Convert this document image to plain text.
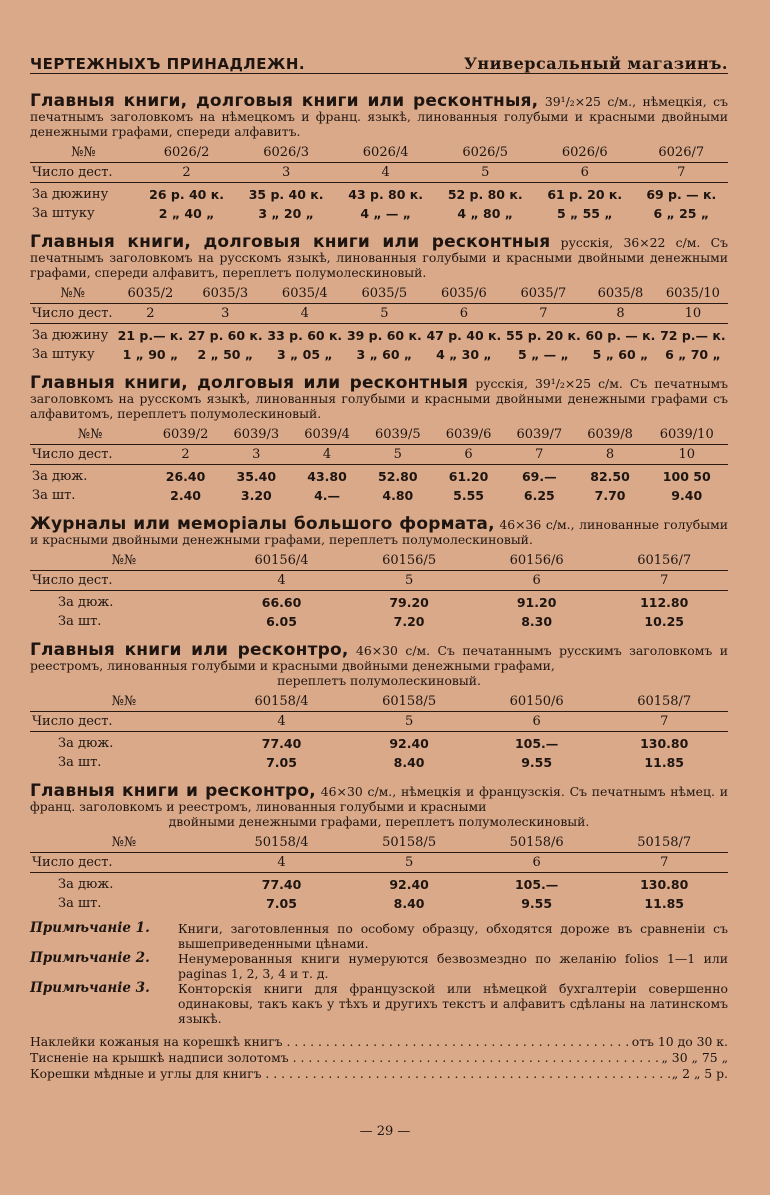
ЧЕРТЕЖНЫХЪ ПРИНАДЛЕЖН.	Универсальный магазинъ.
Главныя книги, долговыя книги или реcконтныя, 39¹/₂×25 с/м., нѣмецкія, съ печатнымъ заголовкомъ на нѣмецкомъ и франц. языкѣ, линованныя голубыми и красными двойными денежными графами, спереди алфавитъ.
№№	6026/2	6026/3	6026/4	6026/5	6026/6	6026/7
Число дест.	2	3	4	5	6	7
За дюжину	26 р. 40 к.	35 р. 40 к.	43 р. 80 к.	52 р. 80 к.	61 р. 20 к.	69 р. — к.
За штуку	2 „ 40 „	3 „ 20 „	4 „ — „	4 „ 80 „	5 „ 55 „	6 „ 25 „
Главныя книги, долговыя книги или реcконтныя русскія, 36×22 с/м. Съ печатнымъ заголовкомъ на русскомъ языкѣ, линованныя голубыми и красными двойными денежными графами, спереди алфавитъ, переплетъ полумолескиновый.
№№	6035/2	6035/3	6035/4	6035/5	6035/6	6035/7	6035/8	6035/10
Число дест.	2	3	4	5	6	7	8	10
За дюжину	21 р.— к.	27 р. 60 к.	33 р. 60 к.	39 р. 60 к.	47 р. 40 к.	55 р. 20 к.	60 р. — к.	72 р.— к.
За штуку	1 „ 90 „	2 „ 50 „	3 „ 05 „	3 „ 60 „	4 „ 30 „	5 „ — „	5 „ 60 „	6 „ 70 „
Главныя книги, долговыя или реcконтныя русскія, 39¹/₂×25 с/м. Съ печатнымъ заголовкомъ на русскомъ языкѣ, линованныя голубыми и красными двойными денежными графами съ алфавитомъ, переплетъ полумолескиновый.
№№	6039/2	6039/3	6039/4	6039/5	6039/6	6039/7	6039/8	6039/10
Число дест.	2	3	4	5	6	7	8	10
За дюж.	26.40	35.40	43.80	52.80	61.20	69.—	82.50	100 50
За шт.	2.40	3.20	4.—	4.80	5.55	6.25	7.70	9.40
Журналы или меморіалы большого формата, 46×36 с/м., линованные голубыми и красными двойными денежными графами, переплетъ полумолескиновый.
№№	60156/4	60156/5	60156/6	60156/7
Число дест.	4	5	6	7
За дюж.	66.60	79.20	91.20	112.80
За шт.	6.05	7.20	8.30	10.25
Главныя книги или реcконтро, 46×30 с/м. Съ печатаннымъ русскимъ заголовкомъ и реестромъ, линованныя голубыми и красными двойными денежными графами,
переплетъ полумолескиновый.
№№	60158/4	60158/5	60150/6	60158/7
Число дест.	4	5	6	7
За дюж.	77.40	92.40	105.—	130.80
За шт.	7.05	8.40	9.55	11.85
Главныя книги и реcконтро, 46×30 с/м., нѣмецкія и французскія. Съ печатнымъ нѣмец. и франц. заголовкомъ и реестромъ, линованныя голубыми и красными
двойными денежными графами, переплетъ полумолескиновый.
№№	50158/4	50158/5	50158/6	50158/7
Число дест.	4	5	6	7
За дюж.	77.40	92.40	105.—	130.80
За шт.	7.05	8.40	9.55	11.85
Примѣчаніе 1.	Книги, заготовленныя по особому образцу, обходятся дороже въ сравненіи съ вышеприведенными цѣнами.
Примѣчаніе 2.	Ненумерованныя книги нумеруются безвозмездно по желанію folios 1—1 или paginas 1, 2, 3, 4 и т. д.
Примѣчаніе 3.	Конторскія книги для французской или нѣмецкой бухгалтеріи совершенно одинаковы, такъ какъ у тѣхъ и другихъ текстъ и алфавитъ сдѣланы на латинскомъ языкѣ.
Наклейки кожаныя на корешкѣ книгъ . . .	отъ 10 до 30 к.
Тисненіе на крышкѣ надписи золотомъ . . .	„ 30 „ 75 „
Корешки мѣдные и углы для книгъ . . .	„ 2 „ 5 р.
— 29 —
